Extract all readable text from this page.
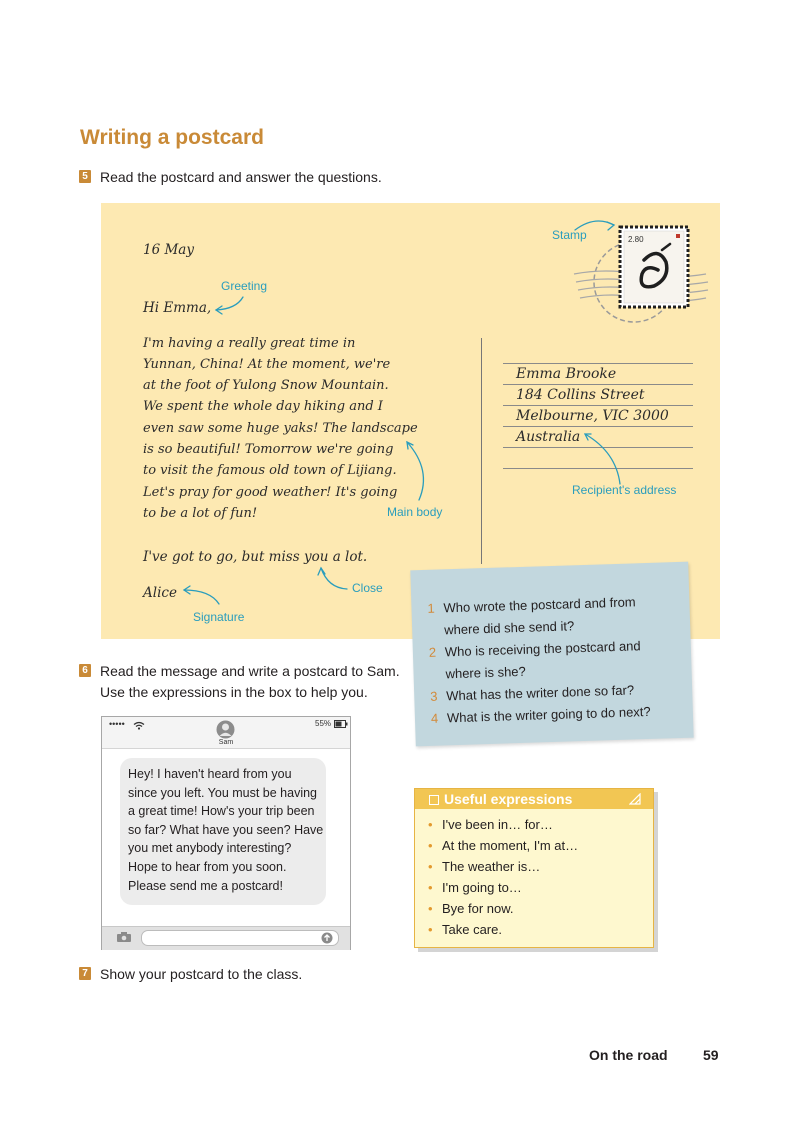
Writing a postcard
5 Read the postcard and answer the questions.
16 May
Hi Emma,
I'm having a really great time in
Yunnan, China! At the moment, we're
at the foot of Yulong Snow Mountain.
We spent the whole day hiking and I
even saw some huge yaks! The landscape
is so beautiful! Tomorrow we're going
to visit the famous old town of Lijiang.
Let's pray for good weather! It's going
to be a lot of fun!
I've got to go, but miss you a lot.
Alice
Emma Brooke
184 Collins Street
Melbourne, VIC 3000
Australia
2.80
Greeting
Main body
Close
Signature
Stamp
Recipient's address
1 Who wrote the postcard and from
where did she send it?
2 Who is receiving the postcard and
where is she?
3 What has the writer done so far?
4 What is the writer going to do next?
6 Read the message and write a postcard to Sam.
Use the expressions in the box to help you.
•••••
Sam
55%
Hey! I haven't heard from you
since you left. You must be having
a great time! How's your trip been
so far? What have you seen? Have
you met anybody interesting?
Hope to hear from you soon.
Please send me a postcard!
Useful expressions
• I've been in… for…
• At the moment, I'm at…
• The weather is…
• I'm going to…
• Bye for now.
• Take care.
7 Show your postcard to the class.
On the road	59
